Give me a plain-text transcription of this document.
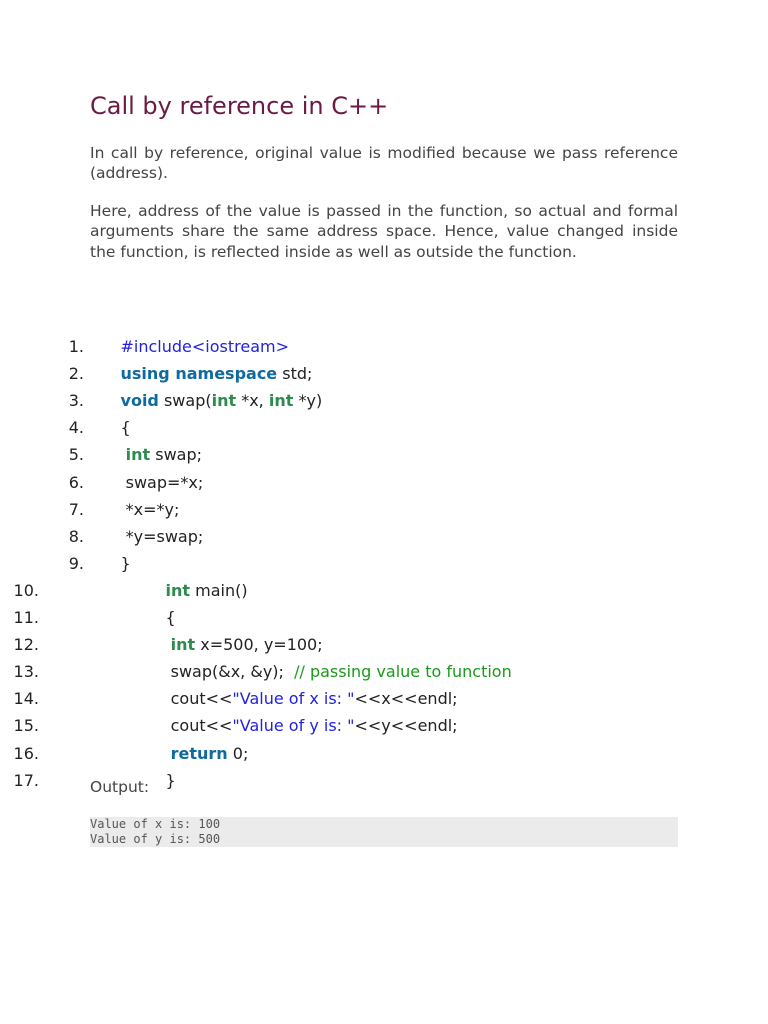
Call by reference in C++

In call by reference, original value is modified because we pass reference (address).

Here, address of the value is passed in the function, so actual and formal arguments share the same address space. Hence, value changed inside the function, is reflected inside as well as outside the function.

1. #include<iostream>

2. using namespace std;

3. void swap(int *x, int *y)

4. {

5.	int swap;

6. swap=*x;

7. *x=*y;

8. *y=swap;

9. }

10.	int main()

11.	{

12.	int x=500, y=100;

13.	swap(&x, &y);  // passing value to function

14.	cout<<"Value of x is: "<<x<<endl;

15.	cout<<"Value of y is: "<<y<<endl;

16.	return 0;

17.	}

Output:

Value of x is: 100
Value of y is: 500
